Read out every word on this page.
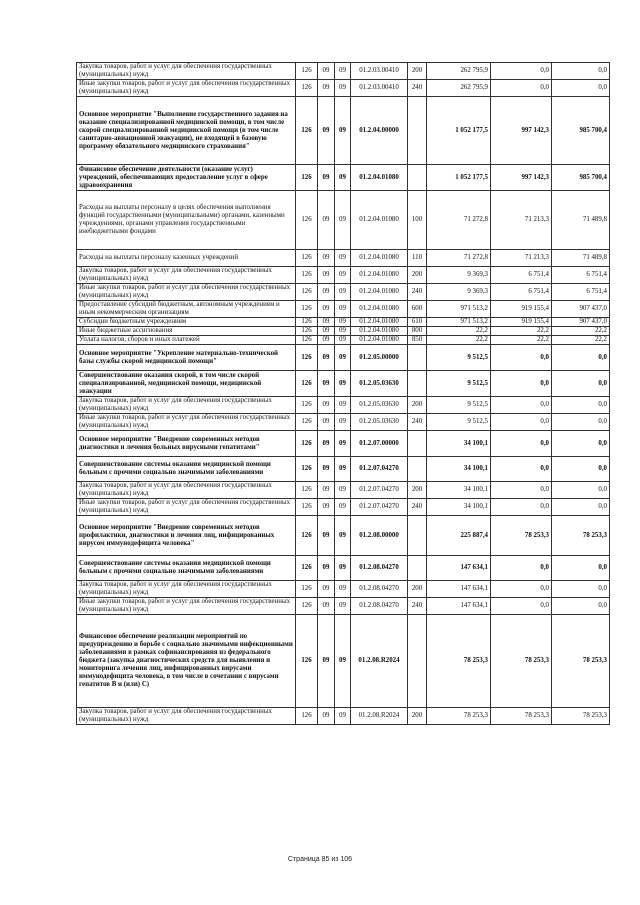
Закупка товаров, работ и услуг для обеспечения государственных (муниципальных) нужд	126	09	09	01.2.03.00410	200	262 795,9	0,0	0,0
Иные закупки товаров, работ и услуг для обеспечения государственных (муниципальных) нужд	126	09	09	01.2.03.00410	240	262 795,9	0,0	0,0
Основное мероприятие "Выполнение государственного задания на оказание специализированной медицинской помощи, в том числе скорой специализированной медицинской помощи (в том числе санитарно-авиационной эвакуации), не входящей в базовую программу обязательного медицинского страхования"	126	09	09	01.2.04.00000		1 052 177,5	997 142,3	985 700,4
Финансовое обеспечение деятельности (оказание услуг) учреждений, обеспечивающих предоставление услуг в сфере здравоохранения	126	09	09	01.2.04.01080		1 052 177,5	997 142,3	985 700,4
Расходы на выплаты персоналу в целях обеспечения выполнения функций государственными (муниципальными) органами, казенными учреждениями, органами управления государственными внебюджетными фондами	126	09	09	01.2.04.01080	100	71 272,8	71 213,3	71 489,8
Расходы на выплаты персоналу казенных учреждений	126	09	09	01.2.04.01080	110	71 272,8	71 213,3	71 489,8
Закупка товаров, работ и услуг для обеспечения государственных (муниципальных) нужд	126	09	09	01.2.04.01080	200	9 369,3	6 751,4	6 751,4
Иные закупки товаров, работ и услуг для обеспечения государственных (муниципальных) нужд	126	09	09	01.2.04.01080	240	9 369,3	6 751,4	6 751,4
Предоставление субсидий бюджетным, автономным учреждениям и иным некоммерческим организациям	126	09	09	01.2.04.01080	600	971 513,2	919 155,4	907 437,0
Субсидии бюджетным учреждениям	126	09	09	01.2.04.01080	610	971 513,2	919 155,4	907 437,0
Иные бюджетные ассигнования	126	09	09	01.2.04.01080	800	22,2	22,2	22,2
Уплата налогов, сборов и иных платежей	126	09	09	01.2.04.01080	850	22,2	22,2	22,2
Основное мероприятие "Укрепление материально-технической базы службы скорой медицинской помощи"	126	09	09	01.2.05.00000		9 512,5	0,0	0,0
Совершенствование оказания скорой, в том числе скорой специализированной, медицинской помощи, медицинской эвакуации	126	09	09	01.2.05.03630		9 512,5	0,0	0,0
Закупка товаров, работ и услуг для обеспечения государственных (муниципальных) нужд	126	09	09	01.2.05.03630	200	9 512,5	0,0	0,0
Иные закупки товаров, работ и услуг для обеспечения государственных (муниципальных) нужд	126	09	09	01.2.05.03630	240	9 512,5	0,0	0,0
Основное мероприятие "Внедрение современных методов диагностики и лечения больных вирусными гепатитами"	126	09	09	01.2.07.00000		34 100,1	0,0	0,0
Совершенствование системы оказания медицинской помощи больным с прочими социально значимыми заболеваниями	126	09	09	01.2.07.04270		34 100,1	0,0	0,0
Закупка товаров, работ и услуг для обеспечения государственных (муниципальных) нужд	126	09	09	01.2.07.04270	200	34 100,1	0,0	0,0
Иные закупки товаров, работ и услуг для обеспечения государственных (муниципальных) нужд	126	09	09	01.2.07.04270	240	34 100,1	0,0	0,0
Основное мероприятие "Внедрение современных методов профилактики, диагностики и лечения лиц, инфицированных вирусом иммунодефицита человека"	126	09	09	01.2.08.00000		225 887,4	78 253,3	78 253,3
Совершенствование системы оказания медицинской помощи больным с прочими социально значимыми заболеваниями	126	09	09	01.2.08.04270		147 634,1	0,0	0,0
Закупка товаров, работ и услуг для обеспечения государственных (муниципальных) нужд	126	09	09	01.2.08.04270	200	147 634,1	0,0	0,0
Иные закупки товаров, работ и услуг для обеспечения государственных (муниципальных) нужд	126	09	09	01.2.08.04270	240	147 634,1	0,0	0,0
Финансовое обеспечение реализации мероприятий по предупреждению и борьбе с социально значимыми инфекционными заболеваниями в рамках софинансирования из федерального бюджета (закупка диагностических средств для выявления и мониторинга лечения лиц, инфицированных вирусами иммунодефицита человека, в том числе в сочетании с вирусами гепатитов В и (или) С)	126	09	09	01.2.08.R2024		78 253,3	78 253,3	78 253,3
Закупка товаров, работ и услуг для обеспечения государственных (муниципальных) нужд	126	09	09	01.2.08.R2024	200	78 253,3	78 253,3	78 253,3
Страница 85 из 106
